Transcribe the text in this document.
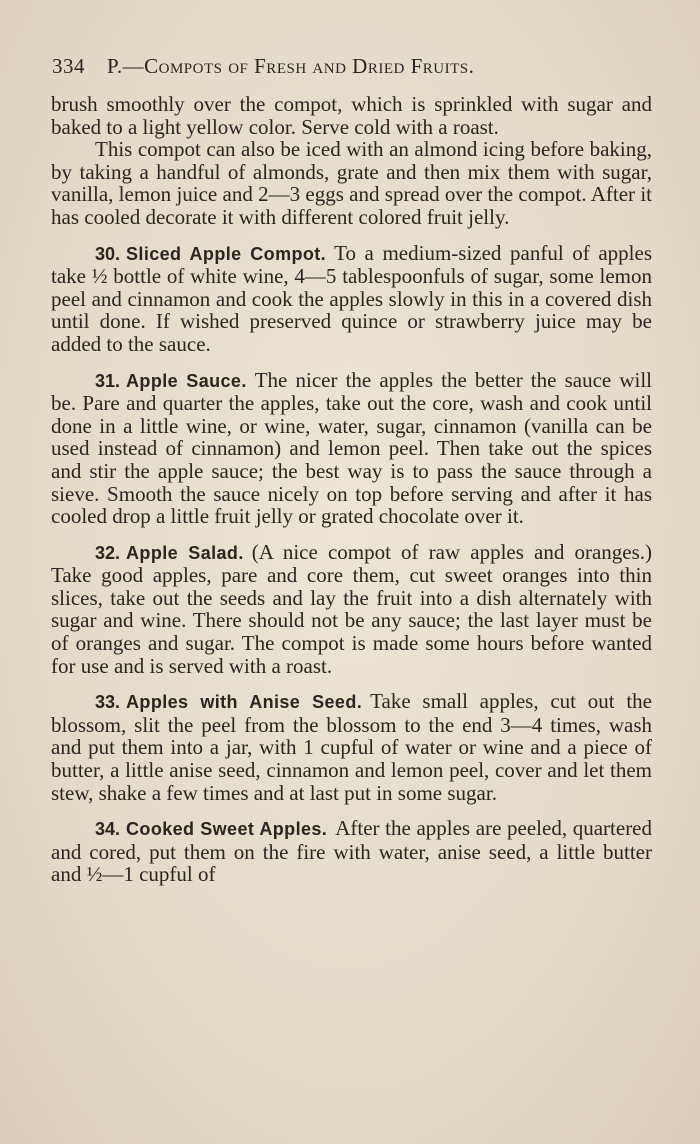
334 P.—Compots of Fresh and Dried Fruits.

brush smoothly over the compot, which is sprinkled with sugar and baked to a light yellow color. Serve cold with a roast.

This compot can also be iced with an almond icing before baking, by taking a handful of almonds, grate and then mix them with sugar, vanilla, lemon juice and 2—3 eggs and spread over the compot. After it has cooled decorate it with different colored fruit jelly.

30. Sliced Apple Compot. To a medium-sized panful of apples take ½ bottle of white wine, 4—5 tablespoonfuls of sugar, some lemon peel and cinnamon and cook the apples slowly in this in a covered dish until done. If wished preserved quince or strawberry juice may be added to the sauce.

31. Apple Sauce. The nicer the apples the better the sauce will be. Pare and quarter the apples, take out the core, wash and cook until done in a little wine, or wine, water, sugar, cinnamon (vanilla can be used instead of cinnamon) and lemon peel. Then take out the spices and stir the apple sauce; the best way is to pass the sauce through a sieve. Smooth the sauce nicely on top before serving and after it has cooled drop a little fruit jelly or grated chocolate over it.

32. Apple Salad. (A nice compot of raw apples and oranges.) Take good apples, pare and core them, cut sweet oranges into thin slices, take out the seeds and lay the fruit into a dish alternately with sugar and wine. There should not be any sauce; the last layer must be of oranges and sugar. The compot is made some hours before wanted for use and is served with a roast.

33. Apples with Anise Seed. Take small apples, cut out the blossom, slit the peel from the blossom to the end 3—4 times, wash and put them into a jar, with 1 cupful of water or wine and a piece of butter, a little anise seed, cinnamon and lemon peel, cover and let them stew, shake a few times and at last put in some sugar.

34. Cooked Sweet Apples. After the apples are peeled, quartered and cored, put them on the fire with water, anise seed, a little butter and ½—1 cupful of
